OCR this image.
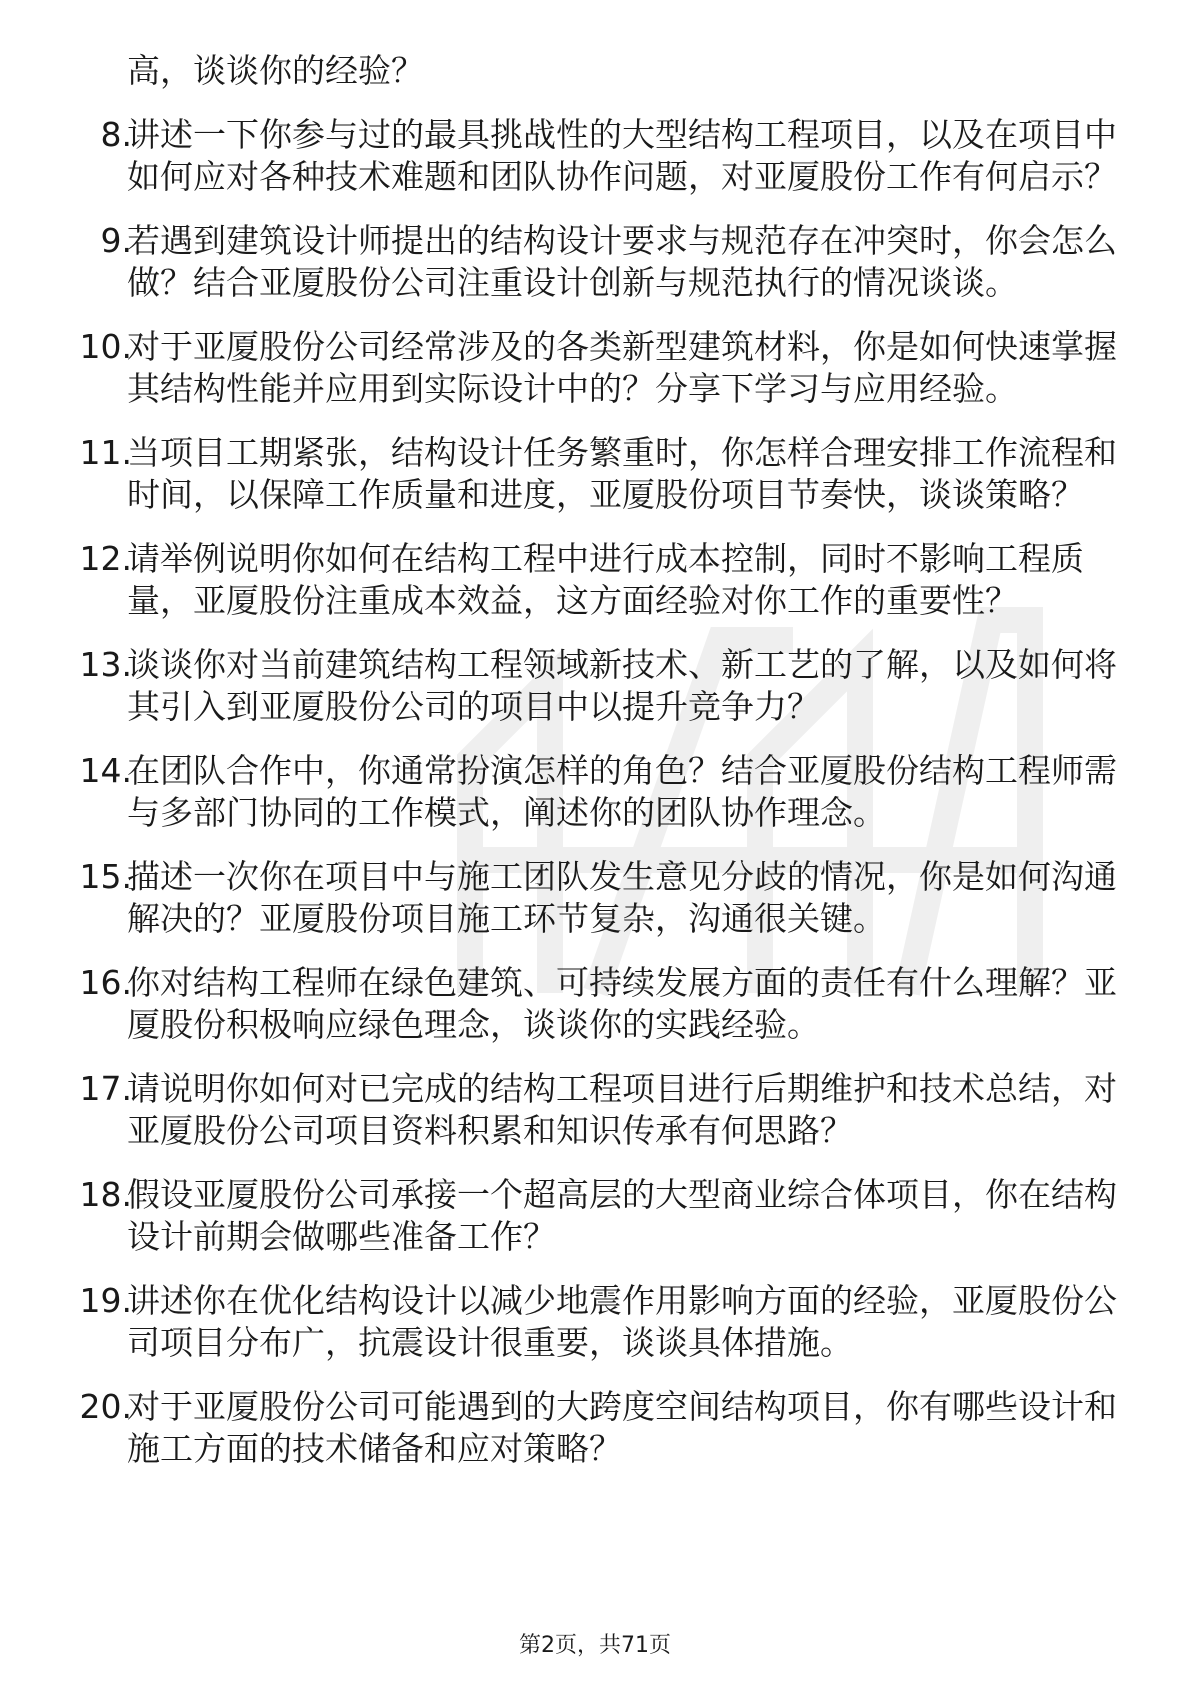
高，谈谈你的经验？
8.
讲述一下你参与过的最具挑战性的大型结构工程项目，以及在项目中如何应对各种技术难题和团队协作问题，对亚厦股份工作有何启示？
9.
若遇到建筑设计师提出的结构设计要求与规范存在冲突时，你会怎么做？结合亚厦股份公司注重设计创新与规范执行的情况谈谈。
10.
对于亚厦股份公司经常涉及的各类新型建筑材料，你是如何快速掌握其结构性能并应用到实际设计中的？分享下学习与应用经验。
11.
当项目工期紧张，结构设计任务繁重时，你怎样合理安排工作流程和时间，以保障工作质量和进度，亚厦股份项目节奏快，谈谈策略？
12.
请举例说明你如何在结构工程中进行成本控制，同时不影响工程质量，亚厦股份注重成本效益，这方面经验对你工作的重要性？
13.
谈谈你对当前建筑结构工程领域新技术、新工艺的了解，以及如何将其引入到亚厦股份公司的项目中以提升竞争力？
14.
在团队合作中，你通常扮演怎样的角色？结合亚厦股份结构工程师需与多部门协同的工作模式，阐述你的团队协作理念。
15.
描述一次你在项目中与施工团队发生意见分歧的情况，你是如何沟通解决的？亚厦股份项目施工环节复杂，沟通很关键。
16.
你对结构工程师在绿色建筑、可持续发展方面的责任有什么理解？亚厦股份积极响应绿色理念，谈谈你的实践经验。
17.
请说明你如何对已完成的结构工程项目进行后期维护和技术总结，对亚厦股份公司项目资料积累和知识传承有何思路？
18.
假设亚厦股份公司承接一个超高层的大型商业综合体项目，你在结构设计前期会做哪些准备工作？
19.
讲述你在优化结构设计以减少地震作用影响方面的经验，亚厦股份公司项目分布广，抗震设计很重要，谈谈具体措施。
20.
对于亚厦股份公司可能遇到的大跨度空间结构项目，你有哪些设计和施工方面的技术储备和应对策略？
第2页，共71页
